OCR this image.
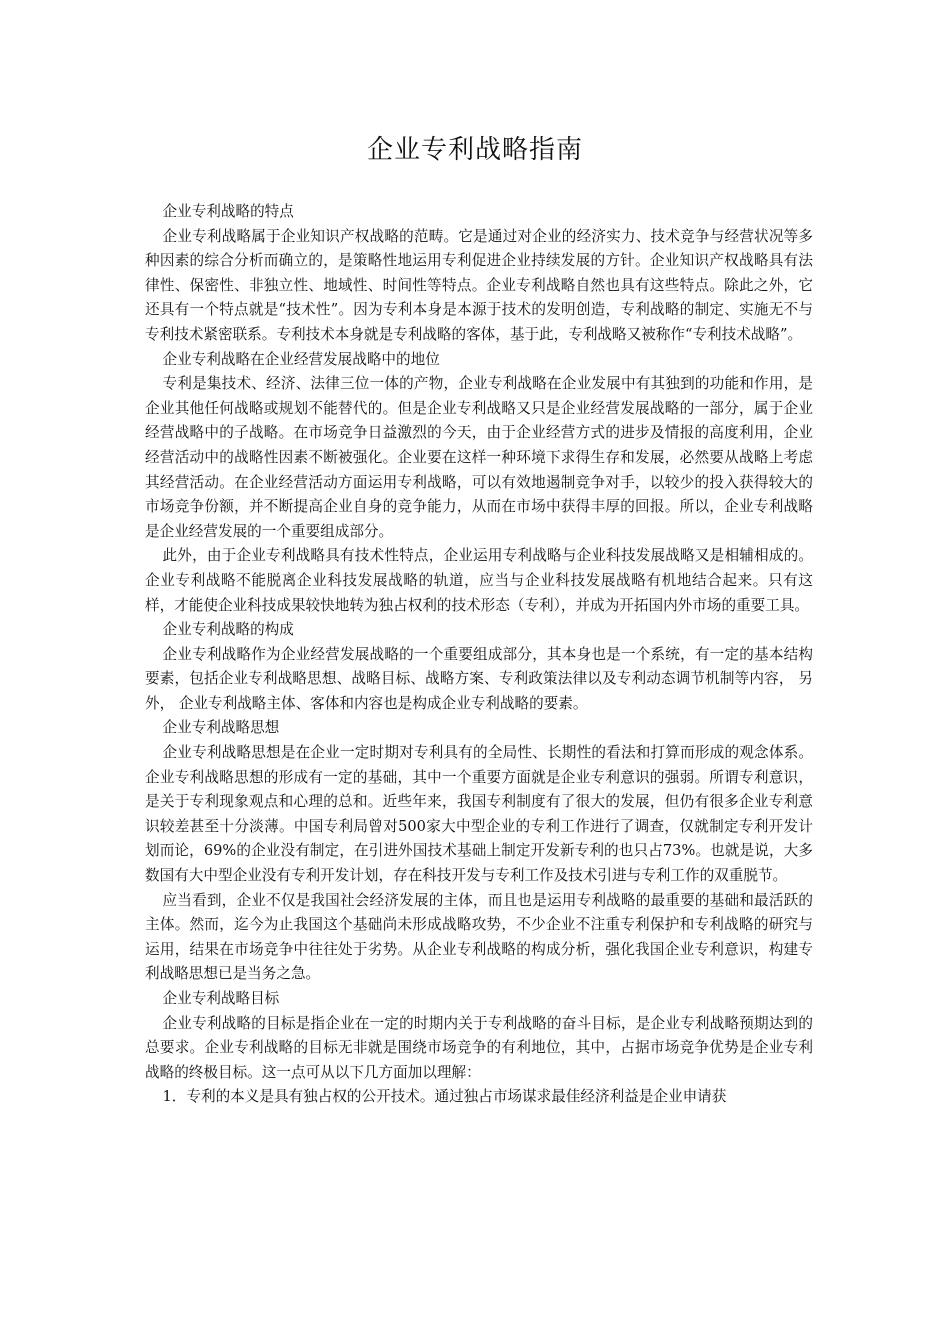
企业专利战略指南

企业专利战略的特点

企业专利战略属于企业知识产权战略的范畴。它是通过对企业的经济实力、技术竞争与经营状况等多种因素的综合分析而确立的，是策略性地运用专利促进企业持续发展的方针。企业知识产权战略具有法律性、保密性、非独立性、地域性、时间性等特点。企业专利战略自然也具有这些特点。除此之外，它还具有一个特点就是“技术性”。因为专利本身是本源于技术的发明创造，专利战略的制定、实施无不与专利技术紧密联系。专利技术本身就是专利战略的客体，基于此，专利战略又被称作“专利技术战略”。

企业专利战略在企业经营发展战略中的地位

专利是集技术、经济、法律三位一体的产物，企业专利战略在企业发展中有其独到的功能和作用，是企业其他任何战略或规划不能替代的。但是企业专利战略又只是企业经营发展战略的一部分，属于企业经营战略中的子战略。在市场竞争日益激烈的今天，由于企业经营方式的进步及情报的高度利用，企业经营活动中的战略性因素不断被强化。企业要在这样一种环境下求得生存和发展，必然要从战略上考虑其经营活动。在企业经营活动方面运用专利战略，可以有效地遏制竞争对手，以较少的投入获得较大的市场竞争份额，并不断提高企业自身的竞争能力，从而在市场中获得丰厚的回报。所以，企业专利战略是企业经营发展的一个重要组成部分。

此外，由于企业专利战略具有技术性特点，企业运用专利战略与企业科技发展战略又是相辅相成的。企业专利战略不能脱离企业科技发展战略的轨道，应当与企业科技发展战略有机地结合起来。只有这样，才能使企业科技成果较快地转为独占权利的技术形态（专利），并成为开拓国内外市场的重要工具。

企业专利战略的构成

企业专利战略作为企业经营发展战略的一个重要组成部分，其本身也是一个系统，有一定的基本结构要素，包括企业专利战略思想、战略目标、战略方案、专利政策法律以及专利动态调节机制等内容， 另外， 企业专利战略主体、客体和内容也是构成企业专利战略的要素。

企业专利战略思想

企业专利战略思想是在企业一定时期对专利具有的全局性、长期性的看法和打算而形成的观念体系。企业专利战略思想的形成有一定的基础，其中一个重要方面就是企业专利意识的强弱。所谓专利意识，是关于专利现象观点和心理的总和。近些年来，我国专利制度有了很大的发展，但仍有很多企业专利意识较差甚至十分淡薄。中国专利局曾对500家大中型企业的专利工作进行了调查，仅就制定专利开发计划而论，69%的企业没有制定，在引进外国技术基础上制定开发新专利的也只占73%。也就是说，大多数国有大中型企业没有专利开发计划，存在科技开发与专利工作及技术引进与专利工作的双重脱节。

应当看到，企业不仅是我国社会经济发展的主体，而且也是运用专利战略的最重要的基础和最活跃的主体。然而，迄今为止我国这个基础尚未形成战略攻势，不少企业不注重专利保护和专利战略的研究与运用，结果在市场竞争中往往处于劣势。从企业专利战略的构成分析，强化我国企业专利意识，构建专利战略思想已是当务之急。

企业专利战略目标

企业专利战略的目标是指企业在一定的时期内关于专利战略的奋斗目标，是企业专利战略预期达到的总要求。企业专利战略的目标无非就是围绕市场竞争的有利地位，其中，占据市场竞争优势是企业专利战略的终极目标。这一点可从以下几方面加以理解：

1．专利的本义是具有独占权的公开技术。通过独占市场谋求最佳经济利益是企业申请获
